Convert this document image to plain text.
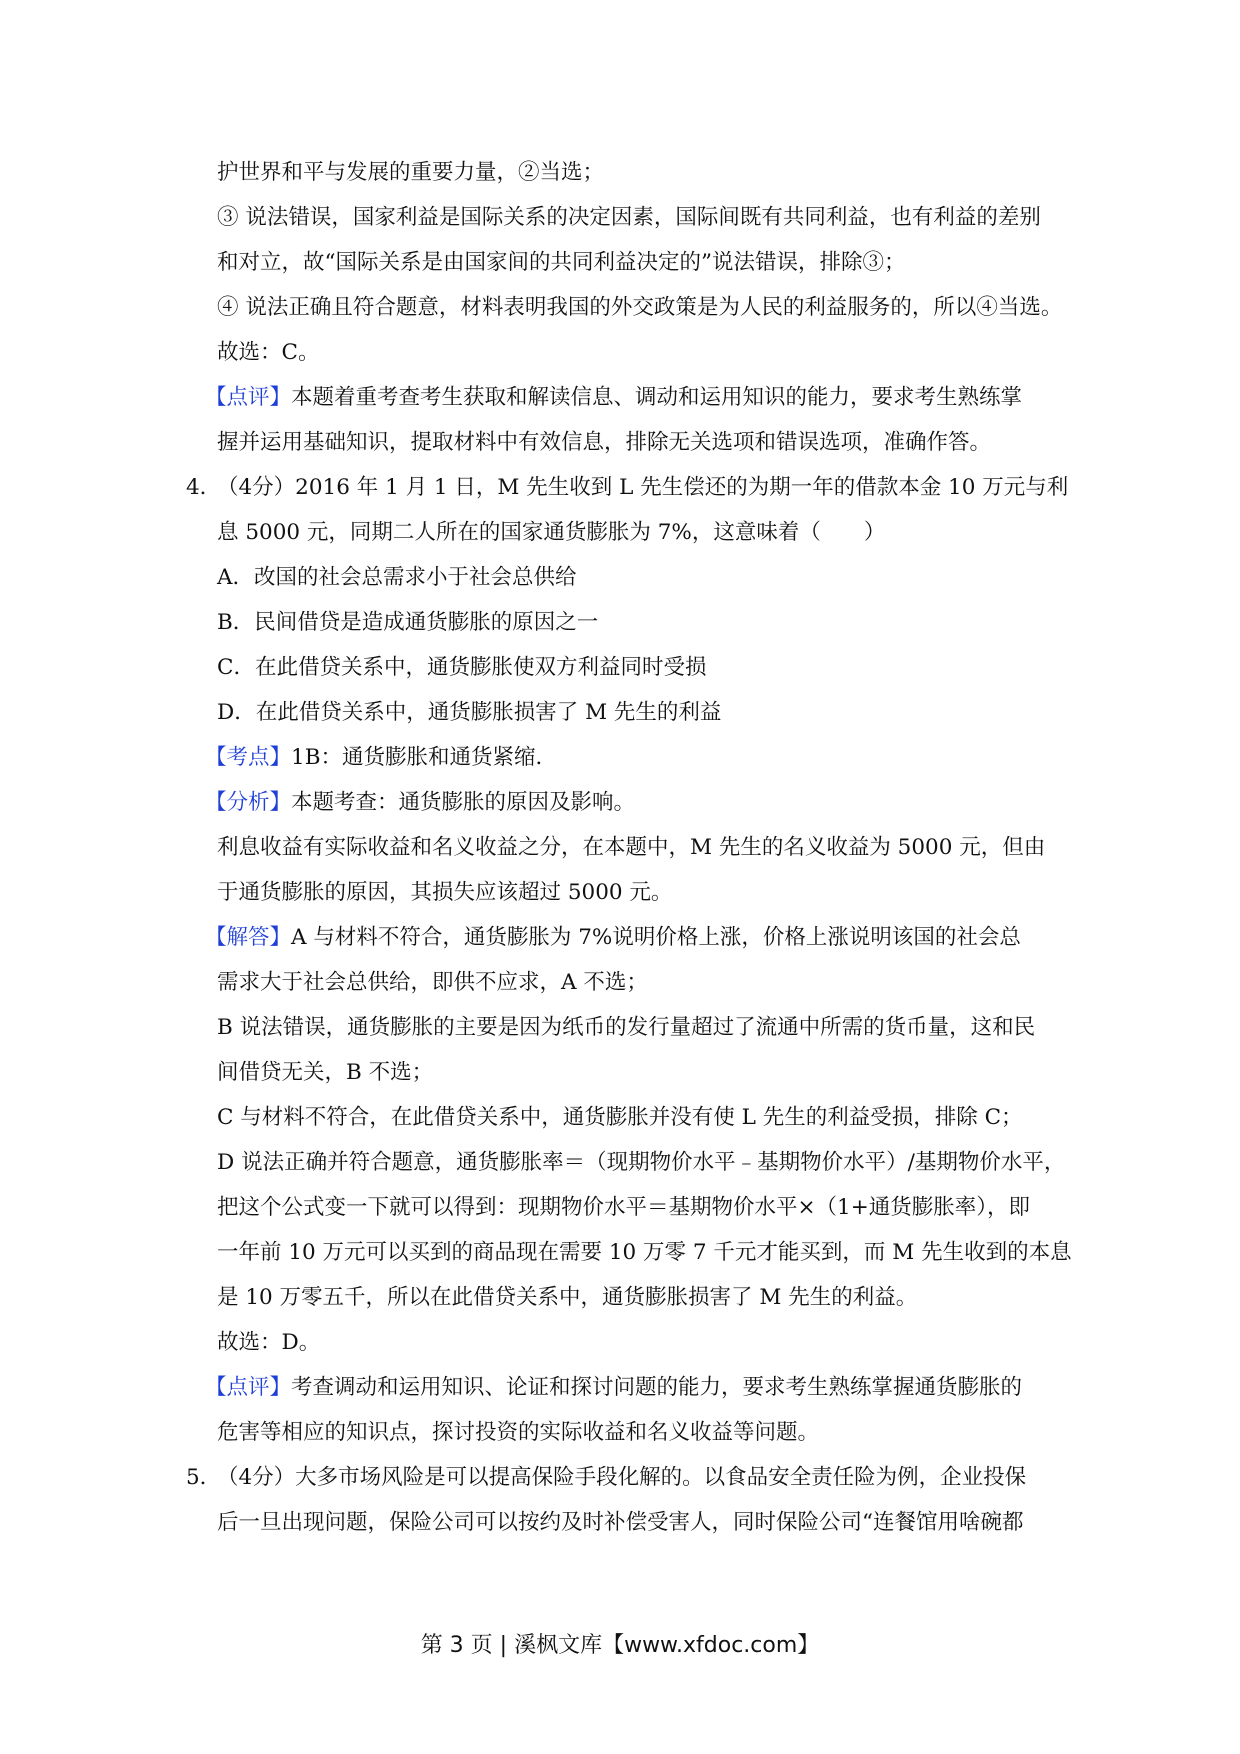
护世界和平与发展的重要力量，②当选；
③ 说法错误，国家利益是国际关系的决定因素，国际间既有共同利益，也有利益的差别
和对立，故“国际关系是由国家间的共同利益决定的”说法错误，排除③；
④ 说法正确且符合题意，材料表明我国的外交政策是为人民的利益服务的，所以④当选。
故选：C。
【点评】本题着重考查考生获取和解读信息、调动和运用知识的能力，要求考生熟练掌
握并运用基础知识，提取材料中有效信息，排除无关选项和错误选项，准确作答。
4．
（4分）2016 年 1 月 1 日，M 先生收到 L 先生偿还的为期一年的借款本金 10 万元与利
息 5000 元，同期二人所在的国家通货膨胀为 7%，这意味着（　　）
A．改国的社会总需求小于社会总供给
B．民间借贷是造成通货膨胀的原因之一
C．在此借贷关系中，通货膨胀使双方利益同时受损
D．在此借贷关系中，通货膨胀损害了 M 先生的利益
【考点】1B：通货膨胀和通货紧缩．
【分析】本题考查：通货膨胀的原因及影响。
利息收益有实际收益和名义收益之分，在本题中，M 先生的名义收益为 5000 元，但由
于通货膨胀的原因，其损失应该超过 5000 元。
【解答】A 与材料不符合，通货膨胀为 7%说明价格上涨，价格上涨说明该国的社会总
需求大于社会总供给，即供不应求，A 不选；
B 说法错误，通货膨胀的主要是因为纸币的发行量超过了流通中所需的货币量，这和民
间借贷无关，B 不选；
C 与材料不符合，在此借贷关系中，通货膨胀并没有使 L 先生的利益受损，排除 C；
D 说法正确并符合题意，通货膨胀率＝（现期物价水平﹣基期物价水平）/基期物价水平，
把这个公式变一下就可以得到：现期物价水平＝基期物价水平×（1+通货膨胀率），即
一年前 10 万元可以买到的商品现在需要 10 万零 7 千元才能买到，而 M 先生收到的本息
是 10 万零五千，所以在此借贷关系中，通货膨胀损害了 M 先生的利益。
故选：D。
【点评】考查调动和运用知识、论证和探讨问题的能力，要求考生熟练掌握通货膨胀的
危害等相应的知识点，探讨投资的实际收益和名义收益等问题。
5．
（4分）大多市场风险是可以提高保险手段化解的。以食品安全责任险为例，企业投保
后一旦出现问题，保险公司可以按约及时补偿受害人，同时保险公司“连餐馆用啥碗都
第 3 页 | 溪枫文库【www.xfdoc.com】
